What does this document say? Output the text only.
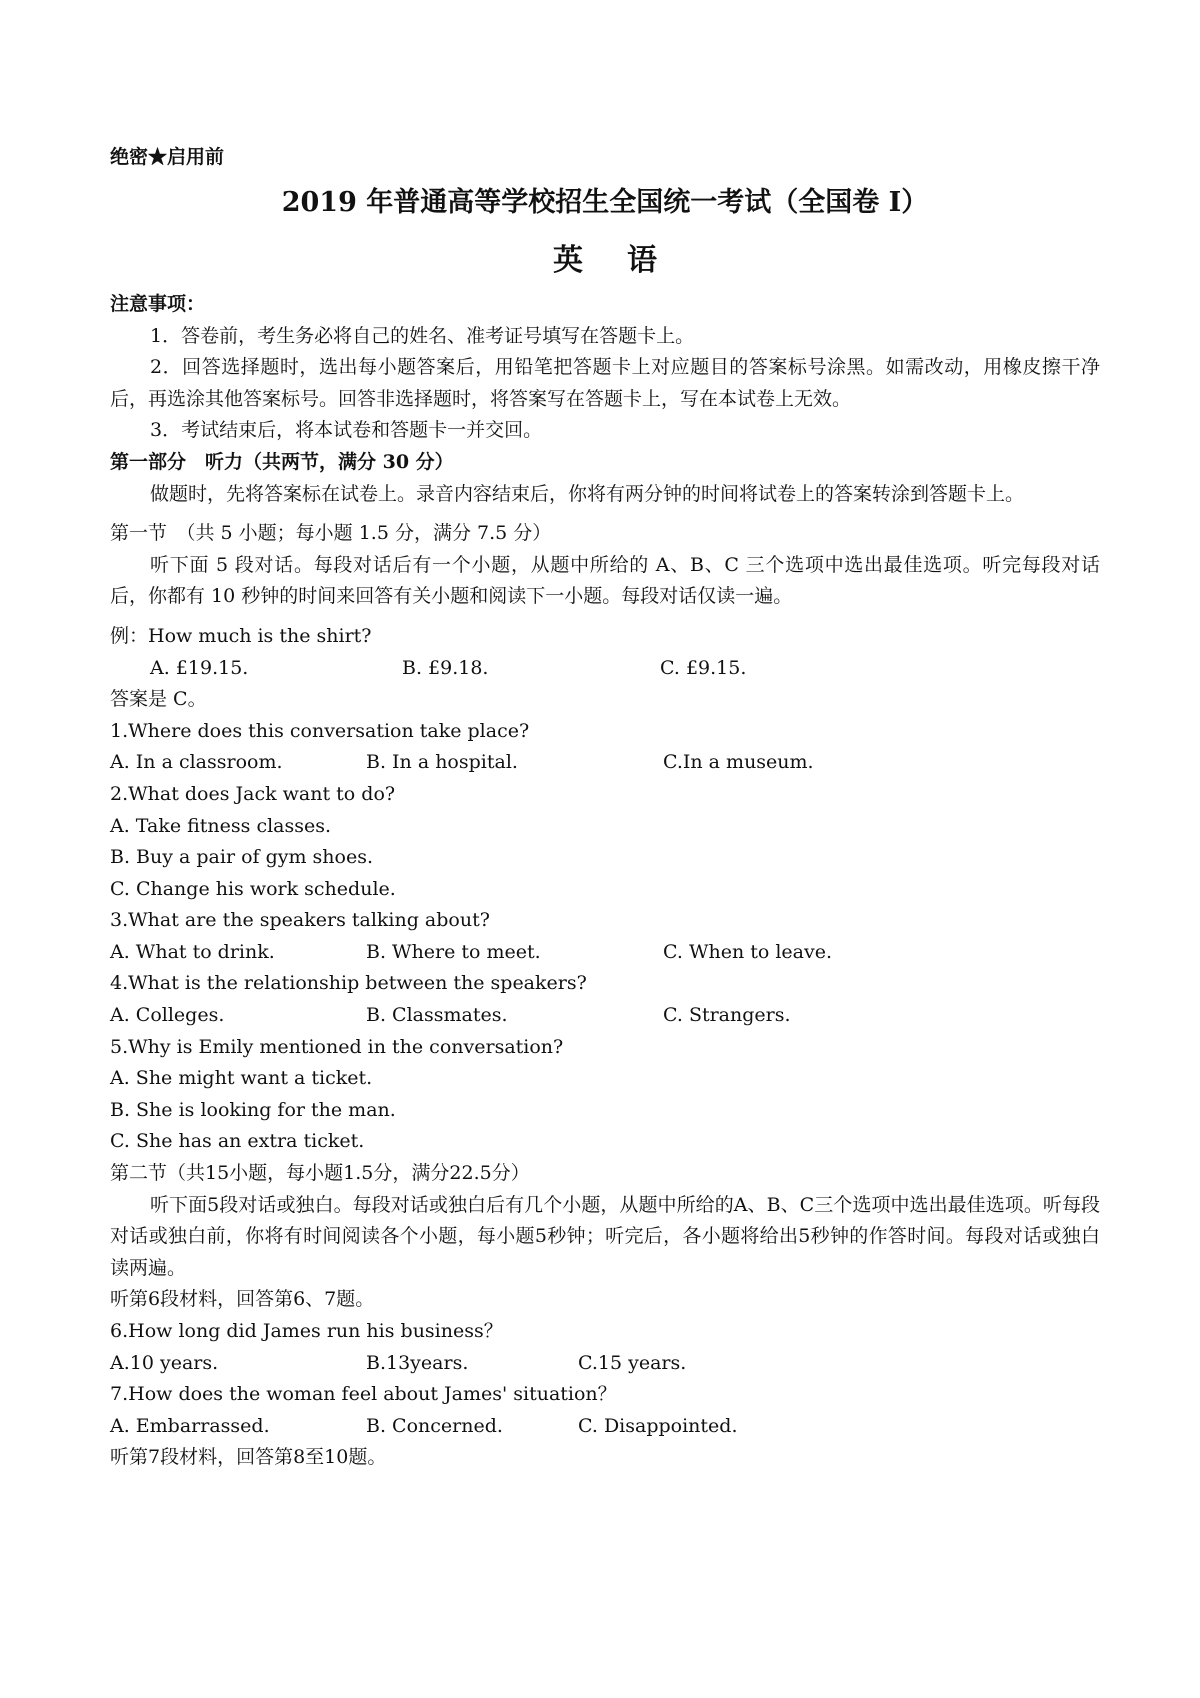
绝密★启用前
2019 年普通高等学校招生全国统一考试（全国卷 I）
英 语
注意事项：
1．答卷前，考生务必将自己的姓名、准考证号填写在答题卡上。
2．回答选择题时，选出每小题答案后，用铅笔把答题卡上对应题目的答案标号涂黑。如需改动，用橡皮擦干净后，再选涂其他答案标号。回答非选择题时，将答案写在答题卡上，写在本试卷上无效。
3．考试结束后，将本试卷和答题卡一并交回。
第一部分　听力（共两节，满分 30 分）
做题时，先将答案标在试卷上。录音内容结束后，你将有两分钟的时间将试卷上的答案转涂到答题卡上。
第一节　（共 5 小题；每小题 1.5 分，满分 7.5 分）
听下面 5 段对话。每段对话后有一个小题，从题中所给的 A、B、C 三个选项中选出最佳选项。听完每段对话后，你都有 10 秒钟的时间来回答有关小题和阅读下一小题。每段对话仅读一遍。
例：How much is the shirt?
A. £19.15.	B. £9.18.	C. £9.15.
答案是 C。
1.Where does this conversation take place?
A. In a classroom.	B. In a hospital.	C.In a museum.
2.What does Jack want to do?
A. Take fitness classes.
B. Buy a pair of gym shoes.
C. Change his work schedule.
3.What are the speakers talking about?
A. What to drink.	B. Where to meet.	C. When to leave.
4.What is the relationship between the speakers?
A. Colleges.	B. Classmates.	C. Strangers.
5.Why is Emily mentioned in the conversation?
A. She might want a ticket.
B. She is looking for the man.
C. She has an extra ticket.
第二节（共15小题，每小题1.5分，满分22.5分）
听下面5段对话或独白。每段对话或独白后有几个小题，从题中所给的A、B、C三个选项中选出最佳选项。听每段对话或独白前，你将有时间阅读各个小题，每小题5秒钟；听完后，各小题将给出5秒钟的作答时间。每段对话或独白读两遍。
听第6段材料，回答第6、7题。
6.How long did James run his business？
A.10 years.	B.13years.	C.15 years.
7.How does the woman feel about James' situation？
A. Embarrassed.	B. Concerned.	C. Disappointed.
听第7段材料，回答第8至10题。
